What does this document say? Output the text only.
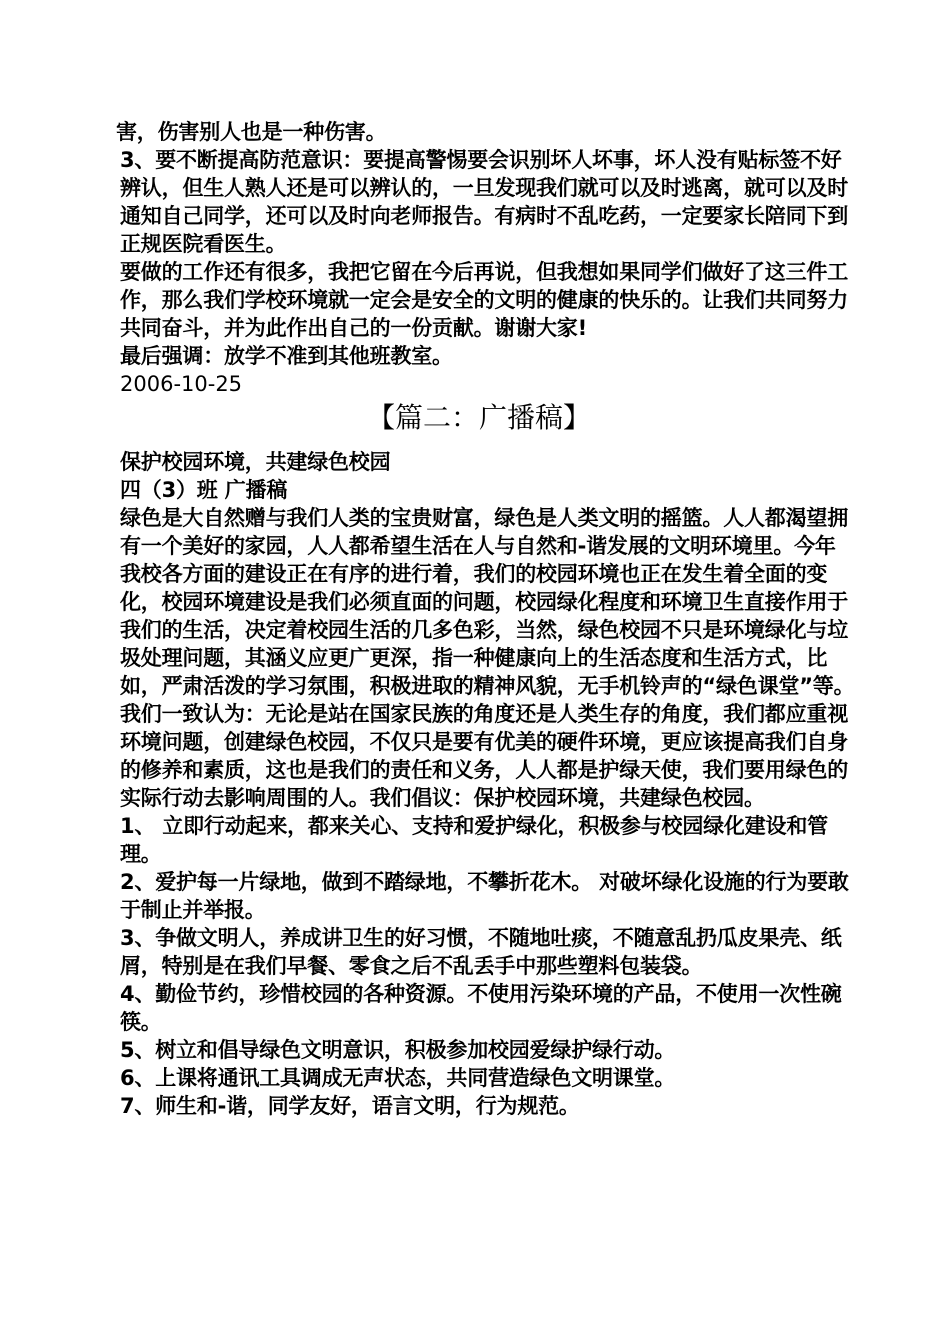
害，伤害别人也是一种伤害。

3、要不断提高防范意识：要提高警惕要会识别坏人坏事，坏人没有贴标签不好辨认，但生人熟人还是可以辨认的，一旦发现我们就可以及时逃离，就可以及时通知自己同学，还可以及时向老师报告。有病时不乱吃药，一定要家长陪同下到正规医院看医生。

要做的工作还有很多，我把它留在今后再说，但我想如果同学们做好了这三件工作，那么我们学校环境就一定会是安全的文明的健康的快乐的。让我们共同努力共同奋斗，并为此作出自己的一份贡献。谢谢大家!

最后强调：放学不准到其他班教室。

2006-10-25

【篇二：广播稿】

保护校园环境，共建绿色校园

四（3）班 广播稿

绿色是大自然赠与我们人类的宝贵财富，绿色是人类文明的摇篮。人人都渴望拥有一个美好的家园，人人都希望生活在人与自然和-谐发展的文明环境里。今年我校各方面的建设正在有序的进行着，我们的校园环境也正在发生着全面的变化，校园环境建设是我们必须直面的问题，校园绿化程度和环境卫生直接作用于我们的生活，决定着校园生活的几多色彩，当然，绿色校园不只是环境绿化与垃圾处理问题，其涵义应更广更深，指一种健康向上的生活态度和生活方式，比如，严肃活泼的学习氛围，积极进取的精神风貌，无手机铃声的“绿色课堂”等。我们一致认为：无论是站在国家民族的角度还是人类生存的角度，我们都应重视环境问题，创建绿色校园，不仅只是要有优美的硬件环境，更应该提高我们自身的修养和素质，这也是我们的责任和义务，人人都是护绿天使，我们要用绿色的实际行动去影响周围的人。我们倡议：保护校园环境，共建绿色校园。

1、 立即行动起来，都来关心、支持和爱护绿化，积极参与校园绿化建设和管理。

2、爱护每一片绿地，做到不踏绿地，不攀折花木。 对破坏绿化设施的行为要敢于制止并举报。

3、争做文明人，养成讲卫生的好习惯，不随地吐痰，不随意乱扔瓜皮果壳、纸屑，特别是在我们早餐、零食之后不乱丢手中那些塑料包装袋。

4、勤俭节约，珍惜校园的各种资源。不使用污染环境的产品，不使用一次性碗筷。

5、树立和倡导绿色文明意识，积极参加校园爱绿护绿行动。

6、上课将通讯工具调成无声状态，共同营造绿色文明课堂。

7、师生和-谐，同学友好，语言文明，行为规范。
